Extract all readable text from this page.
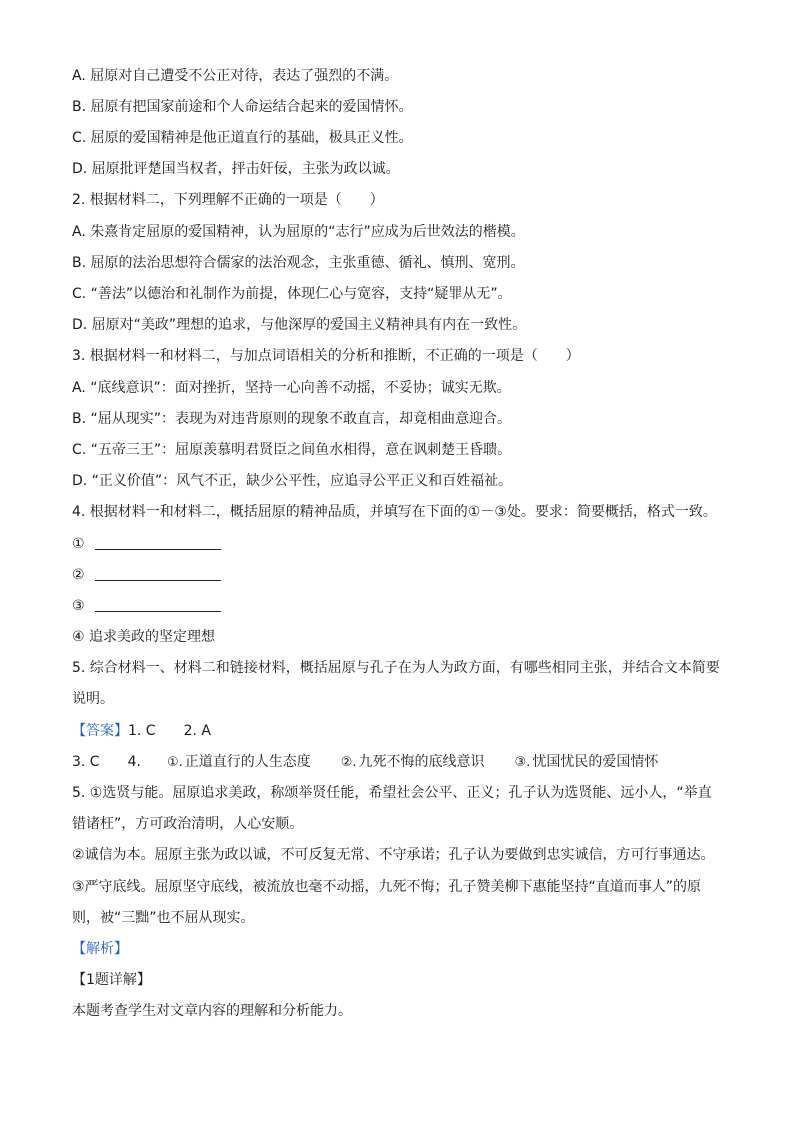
A. 屈原对自己遭受不公正对待，表达了强烈的不满。
B. 屈原有把国家前途和个人命运结合起来的爱国情怀。
C. 屈原的爱国精神是他正道直行的基础，极具正义性。
D. 屈原批评楚国当权者，抨击奸佞，主张为政以诚。
2. 根据材料二，下列理解不正确的一项是（　　）
A. 朱熹肯定屈原的爱国精神，认为屈原的“志行”应成为后世效法的楷模。
B. 屈原的法治思想符合儒家的法治观念，主张重德、循礼、慎刑、宽刑。
C. “善法”以德治和礼制作为前提，体现仁心与宽容，支持“疑罪从无”。
D. 屈原对“美政”理想的追求，与他深厚的爱国主义精神具有内在一致性。
3. 根据材料一和材料二，与加点词语相关的分析和推断，不正确的一项是（　　）
A. “底线意识”：面对挫折，坚持一心向善不动摇，不妥协；诚实无欺。
B. “屈从现实”：表现为对违背原则的现象不敢直言，却竟相曲意迎合。
C. “五帝三王”：屈原羡慕明君贤臣之间鱼水相得，意在讽刺楚王昏聩。
D. “正义价值”：风气不正，缺少公平性，应追寻公平正义和百姓福祉。
4. 根据材料一和材料二，概括屈原的精神品质，并填写在下面的①－③处。要求：简要概括，格式一致。
①
②
③
④ 追求美政的坚定理想
5. 综合材料一、材料二和链接材料，概括屈原与孔子在为人为政方面，有哪些相同主张，并结合文本简要
说明。
【答案】1. C 2. A
3. C 4. ①. 正道直行的人生态度 ②. 九死不悔的底线意识 ③. 忧国忧民的爱国情怀
5. ①选贤与能。屈原追求美政，称颂举贤任能，希望社会公平、正义；孔子认为选贤能、远小人，“举直
错诸枉”，方可政治清明，人心安顺。
②诚信为本。屈原主张为政以诚，不可反复无常、不守承诺；孔子认为要做到忠实诚信，方可行事通达。
③严守底线。屈原坚守底线，被流放也毫不动摇，九死不悔；孔子赞美柳下惠能坚持“直道而事人”的原
则，被“三黜”也不屈从现实。
【解析】
【1题详解】
本题考查学生对文章内容的理解和分析能力。
